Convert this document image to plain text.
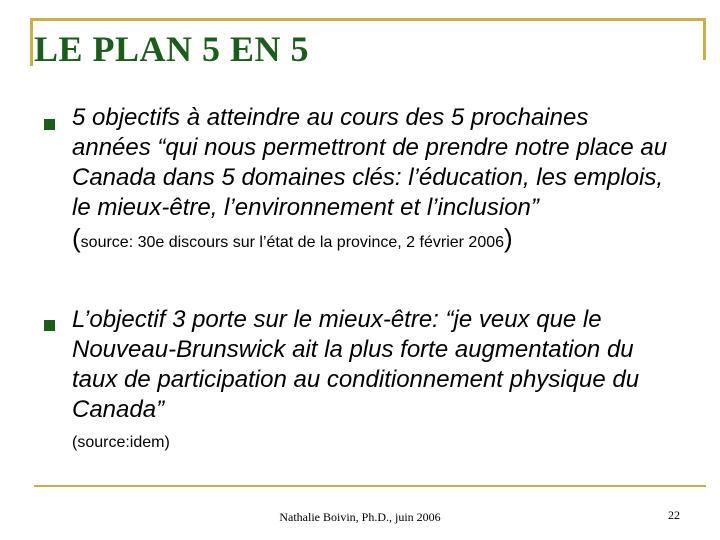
LE PLAN 5 EN 5
5 objectifs à atteindre au cours des 5 prochaines années “qui nous permettront de prendre notre place au Canada dans 5 domaines clés: l’éducation, les emplois, le mieux-être, l’environnement et l’inclusion”
(source: 30e discours sur l’état de la province, 2 février 2006)
L’objectif 3 porte sur le mieux-être: “je veux que le Nouveau-Brunswick ait la plus forte augmentation du taux de participation au conditionnement physique du Canada”
(source:idem)
Nathalie Boivin, Ph.D., juin 2006	22
